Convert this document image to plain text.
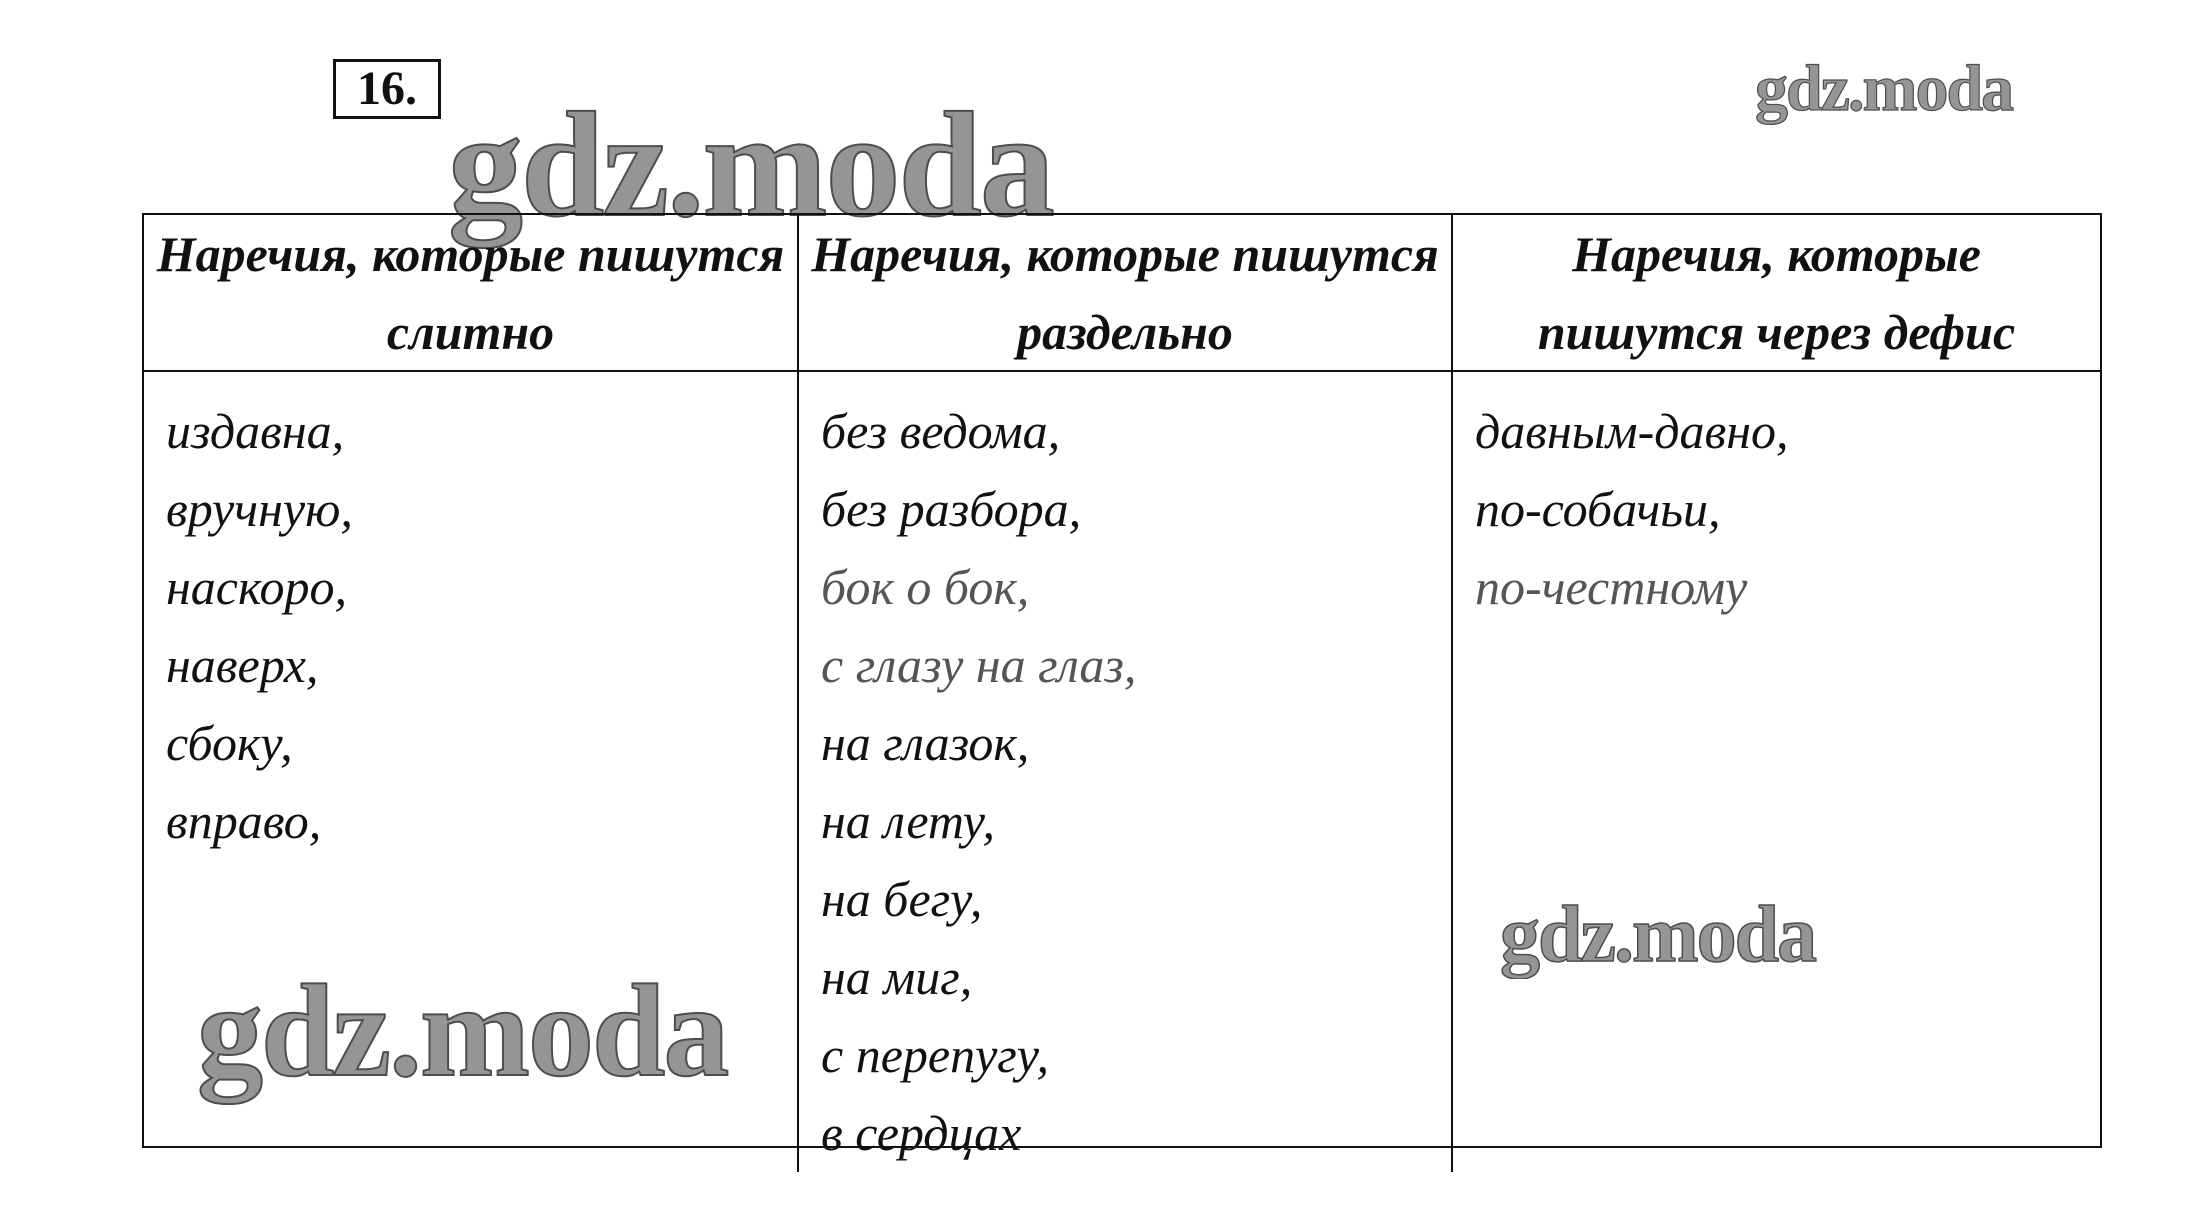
16. gdz.moda	gdz.moda
gdz.moda
gdz.moda
Наречия, которые пишутся слитно
Наречия, которые пишутся раздельно
Наречия, которые пишутся через дефис
издавна,
вручную,
наскоро,
наверх,
сбоку,
вправо,
без ведома,
без разбора,
бок о бок,
с глазу на глаз,
на глазок,
на лету,
на бегу,
на миг,
с перепугу,
в сердцах
давным-давно,
по-собачьи,
по-честному
